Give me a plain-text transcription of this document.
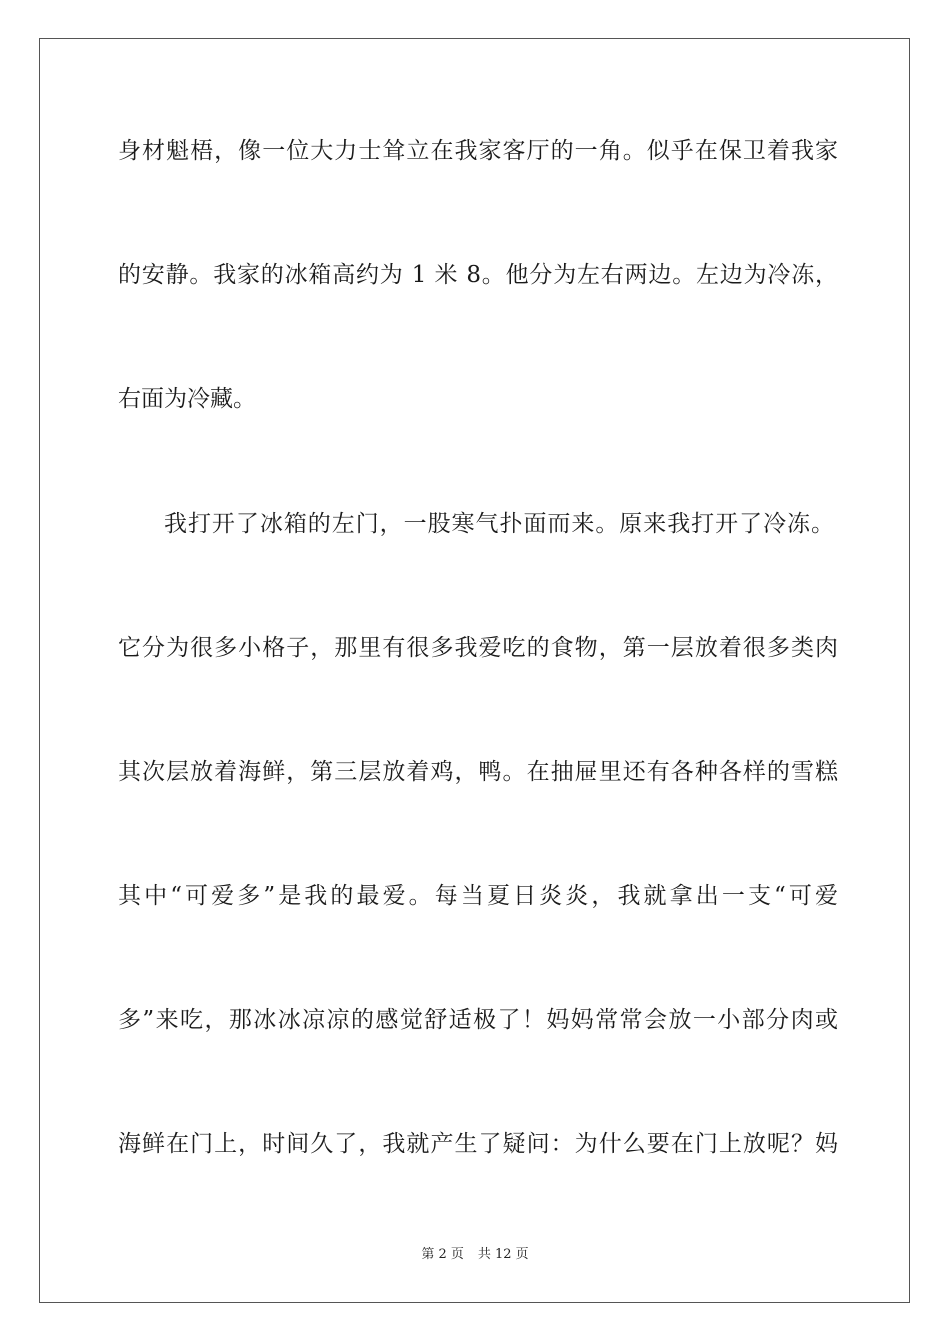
身材魁梧，像一位大力士耸立在我家客厅的一角。似乎在保卫着我家
的安静。我家的冰箱高约为 1 米 8。他分为左右两边。左边为冷冻，
右面为冷藏。
我打开了冰箱的左门，一股寒气扑面而来。原来我打开了冷冻。
它分为很多小格子，那里有很多我爱吃的食物，第一层放着很多类肉
其次层放着海鲜，第三层放着鸡，鸭。在抽屉里还有各种各样的雪糕
其中“可爱多”是我的最爱。每当夏日炎炎，我就拿出一支“可爱
多”来吃，那冰冰凉凉的感觉舒适极了！妈妈常常会放一小部分肉或
海鲜在门上，时间久了，我就产生了疑问：为什么要在门上放呢？妈
第 2 页 共 12 页
